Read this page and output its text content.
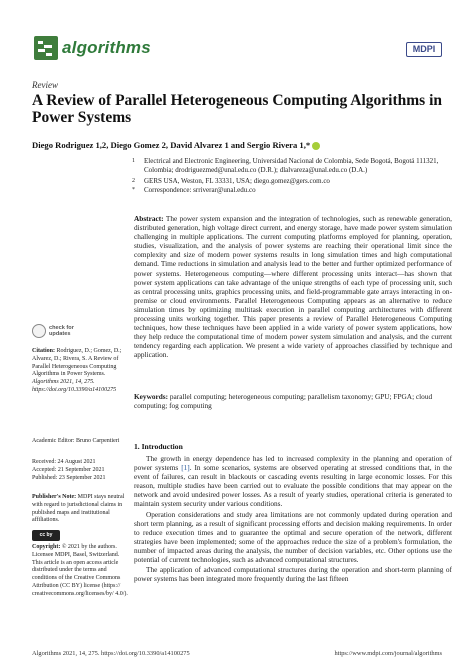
algorithms	MDPI
Review
A Review of Parallel Heterogeneous Computing Algorithms in Power Systems
Diego Rodriguez 1,2, Diego Gomez 2, David Alvarez 1 and Sergio Rivera 1,*
1 Electrical and Electronic Engineering, Universidad Nacional de Colombia, Sede Bogotá, Bogotá 111321, Colombia; drodriguezmed@unal.edu.co (D.R.); dlalvareza@unal.edu.co (D.A.)
2 GERS USA, Weston, FL 33331, USA; diego.gomez@gers.com.co
* Correspondence: srriverar@unal.edu.co
Abstract: The power system expansion and the integration of technologies, such as renewable generation, distributed generation, high voltage direct current, and energy storage, have made power system simulation challenging in multiple applications. The current computing platforms employed for planning, operation, studies, visualization, and the analysis of power systems are reaching their operational limit since the complexity and size of modern power systems results in long simulation times and high computational demand. Time reductions in simulation and analysis lead to the better and further optimized performance of power systems. Heterogeneous computing—where different processing units interact—has shown that power system applications can take advantage of the unique strengths of each type of processing unit, such as central processing units, graphics processing units, and field-programmable gate arrays interacting in on-premise or cloud environments. Parallel Heterogeneous Computing appears as an alternative to reduce simulation times by optimizing multitask execution in parallel computing architectures with different processing units working together. This paper presents a review of Parallel Heterogeneous Computing techniques, how these techniques have been applied in a wide variety of power system applications, how they help reduce the computational time of modern power system simulation and analysis, and the current tendency regarding each application. We present a wide variety of approaches classified by technique and application.
Keywords: parallel computing; heterogeneous computing; parallelism taxonomy; GPU; FPGA; cloud computing; fog computing
check for updates
Citation: Rodriguez, D.; Gomez, D.; Alvarez, D.; Rivera, S. A Review of Parallel Heterogeneous Computing Algorithms in Power Systems. Algorithms 2021, 14, 275. https://doi.org/10.3390/a14100275
Academic Editor: Bruno Carpentieri
Received: 24 August 2021
Accepted: 21 September 2021
Published: 23 September 2021
Publisher's Note: MDPI stays neutral with regard to jurisdictional claims in published maps and institutional affiliations.
cc by
Copyright: © 2021 by the authors. Licensee MDPI, Basel, Switzerland. This article is an open access article distributed under the terms and conditions of the Creative Commons Attribution (CC BY) license (https:// creativecommons.org/licenses/by/ 4.0/).
1. Introduction

The growth in energy dependence has led to increased complexity in the planning and operation of power systems [1]. In some scenarios, systems are observed operating at stressed conditions that, in the event of failures, can result in blackouts or cascading events resulting in large economic losses. For this reason, multiple studies have been carried out to evaluate the possible conditions that may appear on the network and avoid undesired power losses. As a result of yearly studies, operational criteria is generated to maintain system security under various conditions.

Operation considerations and study area limitations are not commonly updated during operation and short term planning, as a result of significant processing efforts and decision making requirements. In order to reduce execution times and to guarantee the optimal and secure operation of the network, different strategies have been implemented; some of the approaches reduce the size of a problem's formulation, the number of impacted areas during the analysis, the number of decision variables, etc. Other options use the potential of current technologies, such as advanced computational structures.

The application of advanced computational structures during the operation and short-term planning of power systems has been integrated more frequently during the last fifteen

Algorithms 2021, 14, 275. https://doi.org/10.3390/a14100275	https://www.mdpi.com/journal/algorithms
